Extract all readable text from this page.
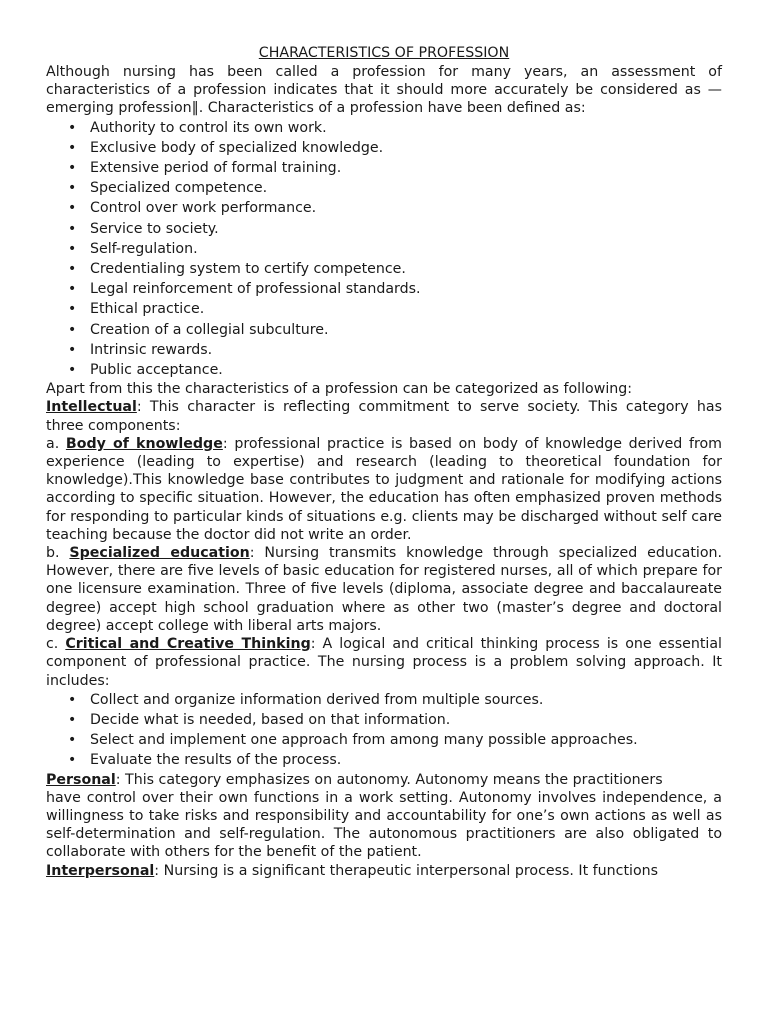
CHARACTERISTICS OF PROFESSION

Although nursing has been called a profession for many years, an assessment of characteristics of a profession indicates that it should more accurately be considered as —emerging profession‖. Characteristics of a profession have been defined as:

• Authority to control its own work.
• Exclusive body of specialized knowledge.
• Extensive period of formal training.
• Specialized competence.
• Control over work performance.
• Service to society.
• Self-regulation.
• Credentialing system to certify competence.
• Legal reinforcement of professional standards.
• Ethical practice.
• Creation of a collegial subculture.
• Intrinsic rewards.
• Public acceptance.

Apart from this the characteristics of a profession can be categorized as following:

Intellectual: This character is reflecting commitment to serve society. This category has three components:

a. Body of knowledge: professional practice is based on body of knowledge derived from experience (leading to expertise) and research (leading to theoretical foundation for knowledge).This knowledge base contributes to judgment and rationale for modifying actions according to specific situation. However, the education has often emphasized proven methods for responding to particular kinds of situations e.g. clients may be discharged without self care teaching because the doctor did not write an order.

b. Specialized education: Nursing transmits knowledge through specialized education. However, there are five levels of basic education for registered nurses, all of which prepare for one licensure examination. Three of five levels (diploma, associate degree and baccalaureate degree) accept high school graduation where as other two (master’s degree and doctoral degree) accept college with liberal arts majors.

c. Critical and Creative Thinking: A logical and critical thinking process is one essential component of professional practice. The nursing process is a problem solving approach. It includes:

• Collect and organize information derived from multiple sources.
• Decide what is needed, based on that information.
• Select and implement one approach from among many possible approaches.
• Evaluate the results of the process.

Personal: This category emphasizes on autonomy. Autonomy means the practitioners

have control over their own functions in a work setting. Autonomy involves independence, a willingness to take risks and responsibility and accountability for one’s own actions as well as self-determination and self-regulation. The autonomous practitioners are also obligated to collaborate with others for the benefit of the patient.

Interpersonal: Nursing is a significant therapeutic interpersonal process. It functions
